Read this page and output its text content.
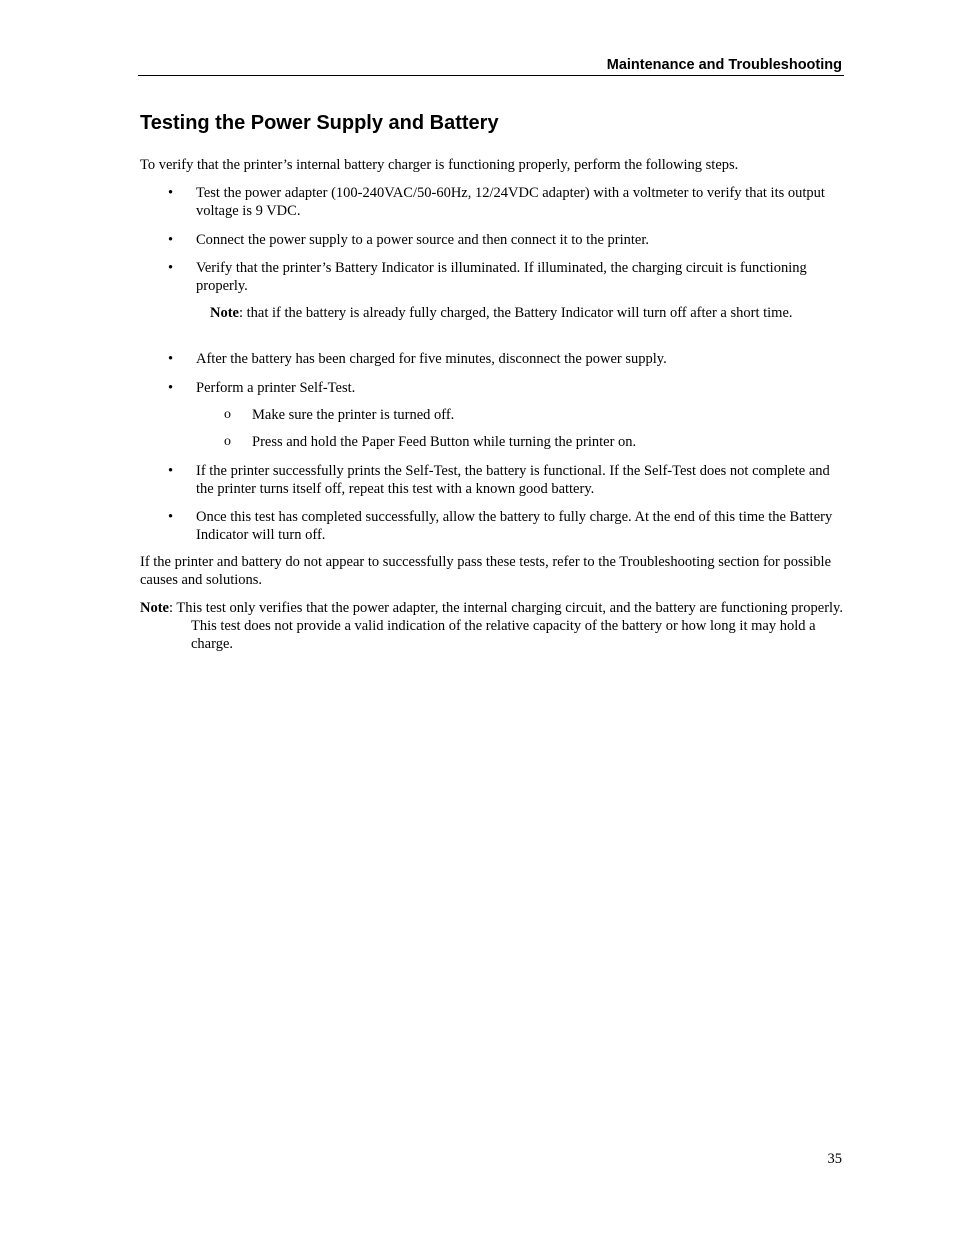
Maintenance and Troubleshooting
Testing the Power Supply and Battery
To verify that the printer’s internal battery charger is functioning properly, perform the following steps.
• Test the power adapter (100-240VAC/50-60Hz, 12/24VDC adapter) with a voltmeter to verify that its output voltage is 9 VDC.
• Connect the power supply to a power source and then connect it to the printer.
• Verify that the printer’s Battery Indicator is illuminated. If illuminated, the charging circuit is functioning properly.
Note: that if the battery is already fully charged, the Battery Indicator will turn off after a short time.
• After the battery has been charged for five minutes, disconnect the power supply.
• Perform a printer Self-Test.
o Make sure the printer is turned off.
o Press and hold the Paper Feed Button while turning the printer on.
• If the printer successfully prints the Self-Test, the battery is functional. If the Self-Test does not complete and the printer turns itself off, repeat this test with a known good battery.
• Once this test has completed successfully, allow the battery to fully charge. At the end of this time the Battery Indicator will turn off.
If the printer and battery do not appear to successfully pass these tests, refer to the Troubleshooting section for possible causes and solutions.
Note: This test only verifies that the power adapter, the internal charging circuit, and the battery are functioning properly. This test does not provide a valid indication of the relative capacity of the battery or how long it may hold a charge.
35
